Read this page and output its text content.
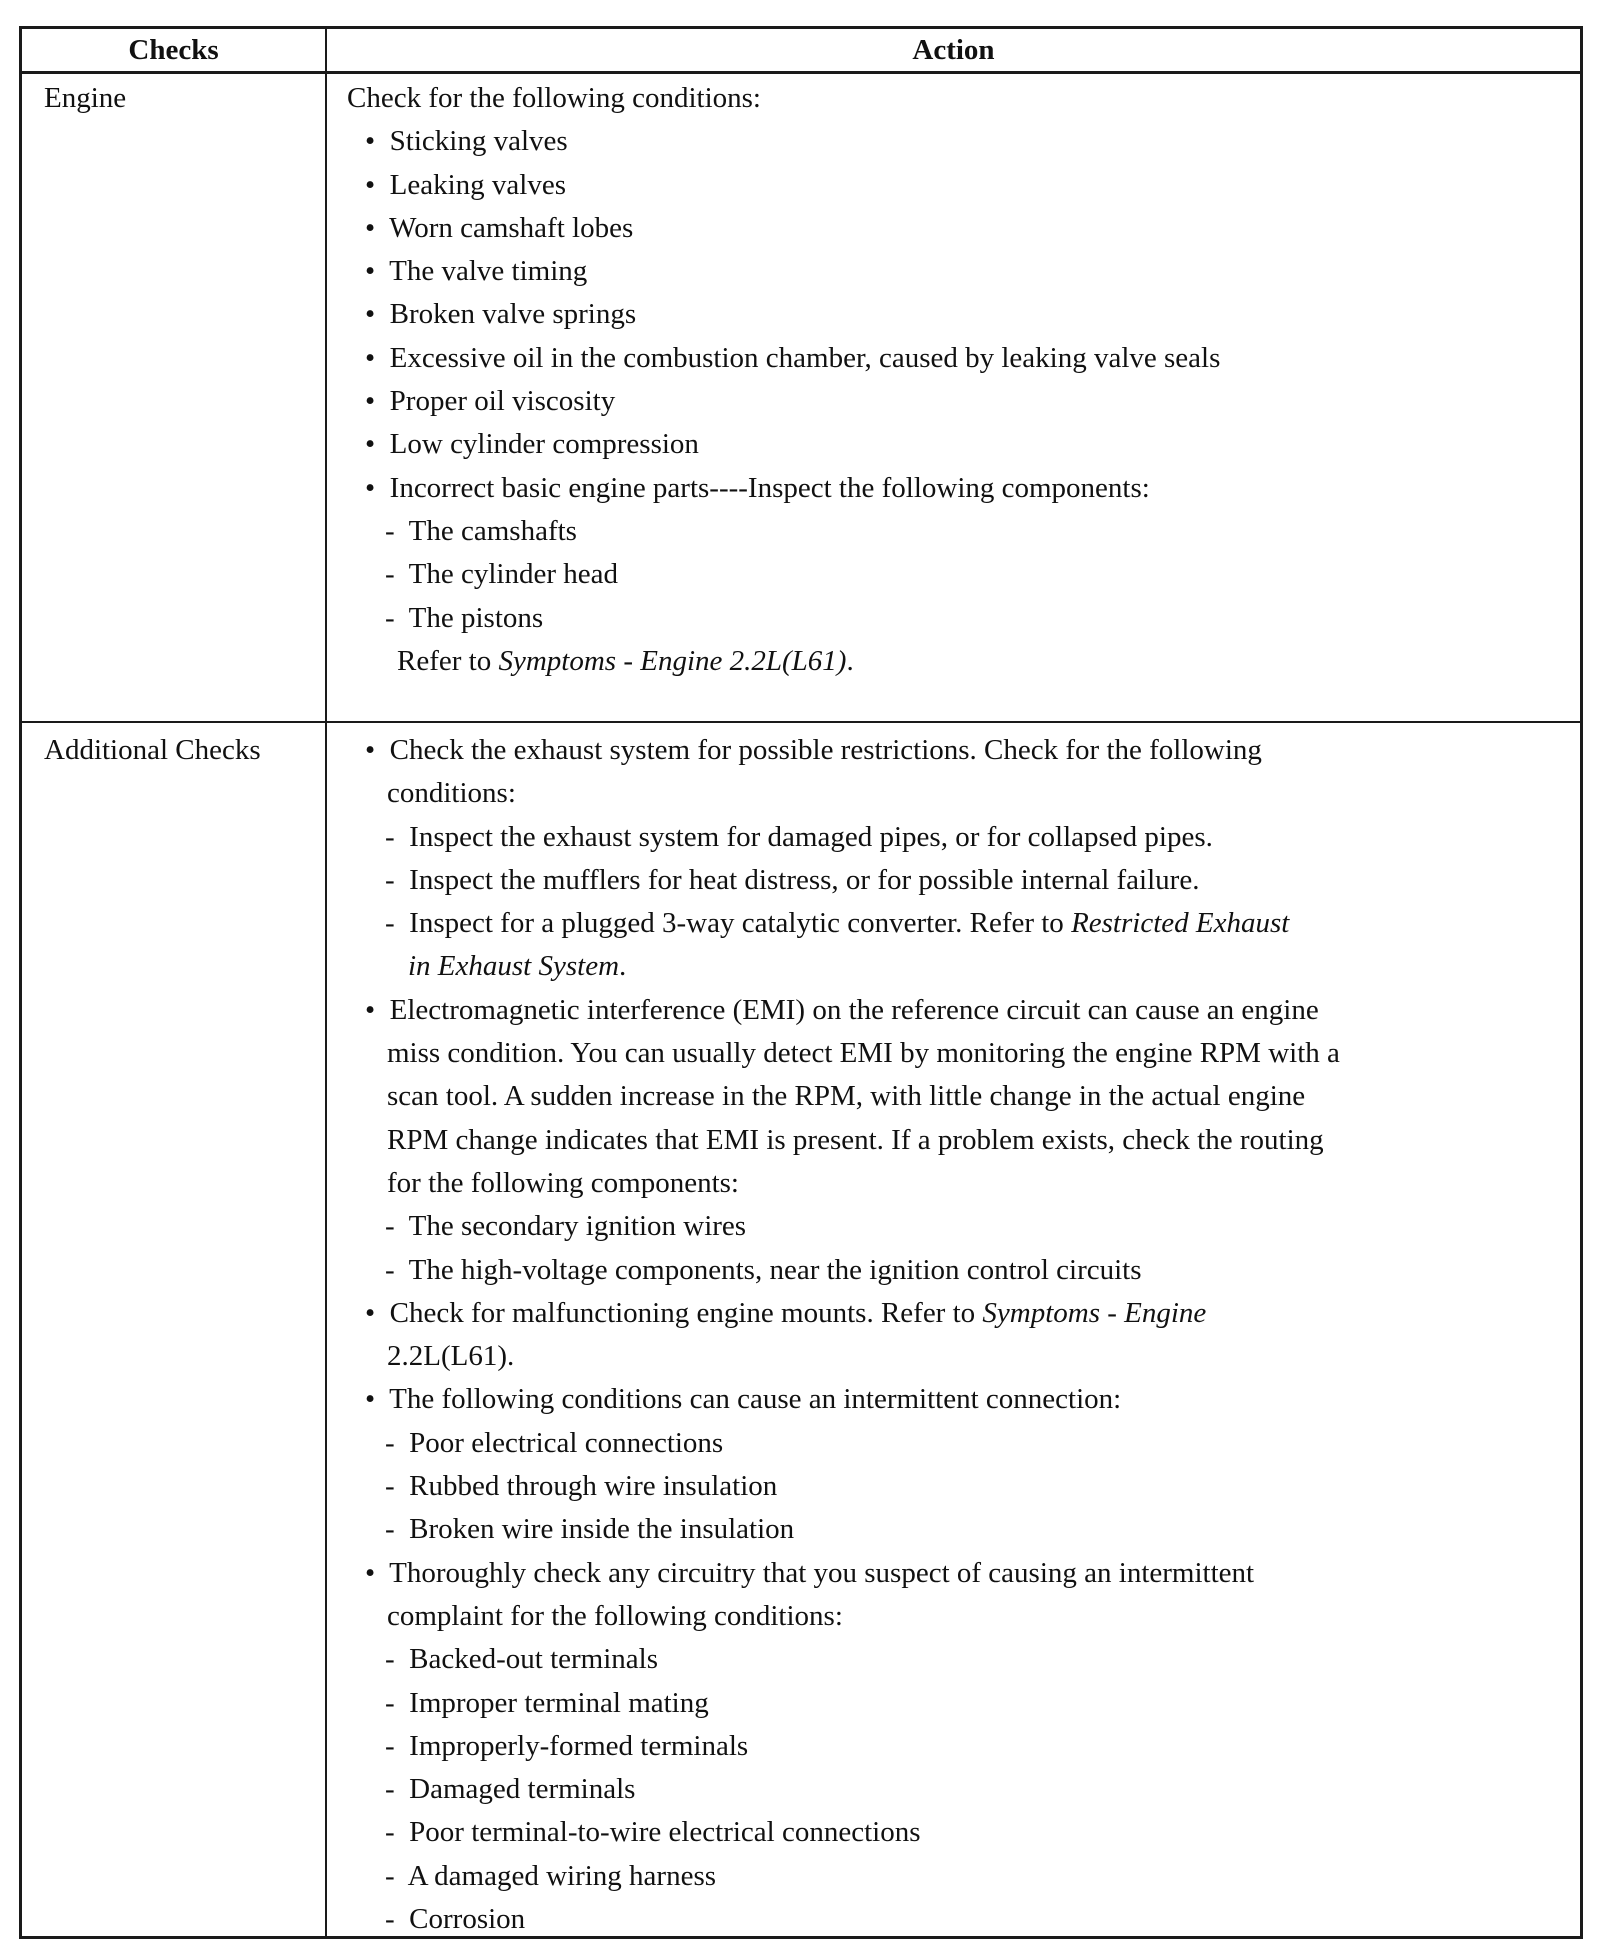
Checks	Action
Engine	Check for the following conditions:
• Sticking valves
• Leaking valves
• Worn camshaft lobes
• The valve timing
• Broken valve springs
• Excessive oil in the combustion chamber, caused by leaking valve seals
• Proper oil viscosity
• Low cylinder compression
• Incorrect basic engine parts----Inspect the following components:
- The camshafts
- The cylinder head
- The pistons
Refer to Symptoms - Engine 2.2L(L61).
Additional Checks	• Check the exhaust system for possible restrictions. Check for the following
conditions:
- Inspect the exhaust system for damaged pipes, or for collapsed pipes.
- Inspect the mufflers for heat distress, or for possible internal failure.
- Inspect for a plugged 3-way catalytic converter. Refer to Restricted Exhaust
in Exhaust System.
• Electromagnetic interference (EMI) on the reference circuit can cause an engine
miss condition. You can usually detect EMI by monitoring the engine RPM with a
scan tool. A sudden increase in the RPM, with little change in the actual engine
RPM change indicates that EMI is present. If a problem exists, check the routing
for the following components:
- The secondary ignition wires
- The high-voltage components, near the ignition control circuits
• Check for malfunctioning engine mounts. Refer to Symptoms - Engine
2.2L(L61).
• The following conditions can cause an intermittent connection:
- Poor electrical connections
- Rubbed through wire insulation
- Broken wire inside the insulation
• Thoroughly check any circuitry that you suspect of causing an intermittent
complaint for the following conditions:
- Backed-out terminals
- Improper terminal mating
- Improperly-formed terminals
- Damaged terminals
- Poor terminal-to-wire electrical connections
- A damaged wiring harness
- Corrosion
